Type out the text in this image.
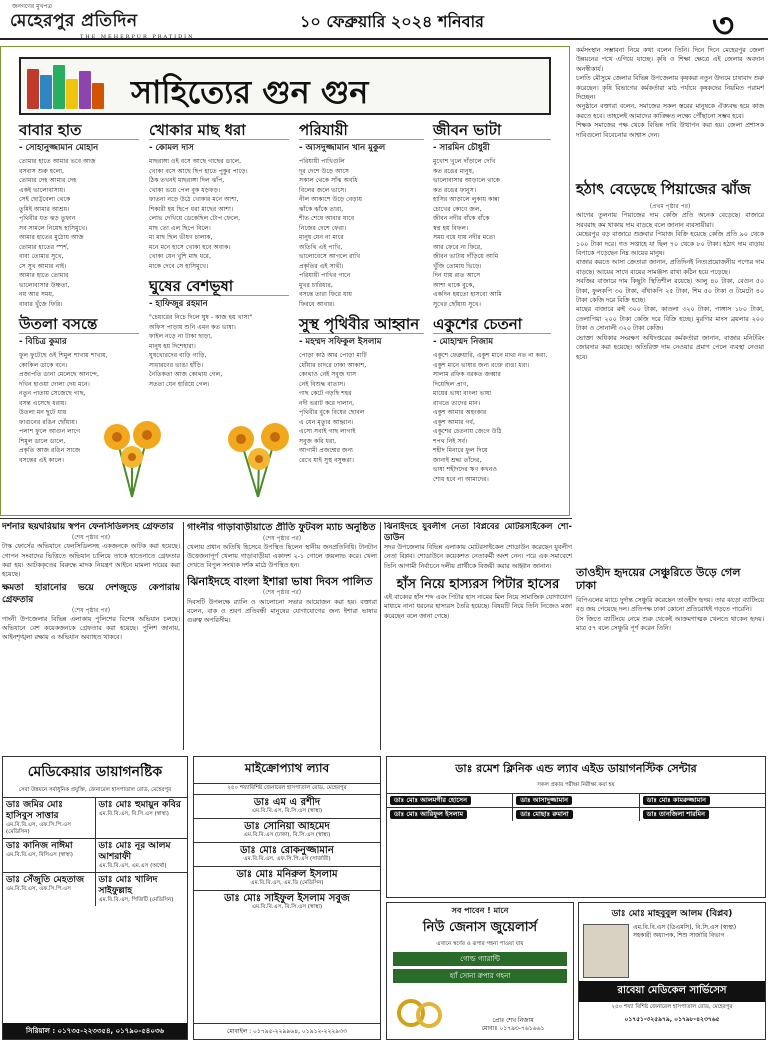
জনগণের মুখপত্র
মেহেরপুর প্রতিদিন
THE MEHERPUR PRATIDIN
১০ ফেব্রুয়ারি ২০২৪ শনিবার	৩
সাহিত্যের গুন গুন
বাবার হাত
- সোহানুজ্জামান মোহান
তোমার হাতে আমার ভবে আজ
বসবাস শুরু হলো,
তোমার দেহ আমার দেহ
একই ভালোবাসায়।
সেই ছোট্টবেলা থেকে
তুমিই আমার আশ্রয়।
পৃথিবীর যত ঝড় তুফান
সব সামলে নিয়েছ হাসিমুখে।
আমার হাতের মুঠোয় আজ
তোমার হাতের স্পর্শ,
বাবা তোমার সুখে,
সে সুখ আমার নাই।
আমার হাতে তোমার
ভালোবাসার উষ্ণতা,
নয় আর সময়,
বাবার খুঁজে ফিরি।
উতলা বসন্তে
- বিচিত্র কুমার
ফুল ফুটেছে ওই শিমুল শাখায় শাখায়,
কোকিল ডাকে বনে।
প্রজাপতি ডানা মেলেছে আনন্দে,
দখিন হাওয়া দোলা দেয় মনে।
নতুন পাতায় সেজেছে গাছ,
বসন্ত এসেছে ধরায়।
উতলা মন ছুটে যায়
ফাগুনের রঙিন ছোঁয়ায়।
পলাশ ফুলে আগুন লাগে
শিমুল ডালে ডালে,
প্রকৃতি আজ রঙিন সাজে
বসন্তের এই কালে।
খোকার মাছ ধরা
- কোমল দাস
মাছরাঙ্গা ওই বসে আছে গাছের ডালে,
খোকা বসে আছে ছিপ হাতে পুকুর পাড়ে।
ঠিক তখনই মাছরাঙ্গা দিল ঝাঁপ,
খোকা ভয়ে পেল বুক ধড়ফড়।
ফাতনা নড়ে উঠে খোকার মনে আশা,
শিকারী হয় ছিপে ধরা মাছের আশা।
লোভ দেখিয়ে ডেকেছিল টোপ ফেলে,
মাছ তো এল ছিপে বিলে।
মা মাছ ছিল ভীষণ চালাক,
মনে মনে হাসে খোকা হবে অবাক।
খোকা যেন খুশি মাছ ধরে,
মাকে দেবে সে হাসিমুখে।
ঘুষের বেশভূষা
- হাফিজুর রহমান
"চেয়ারের নিচে দিলে ঘুষ - কাজ হয় খাসা"
অফিস পাড়ায় শুনি এমন কত ভাষা।
ফাইল নড়ে না টাকা ছাড়া,
মানুষ হয় দিশেহারা।
ঘুষখোরদের বাড়ি গাড়ি,
সাধারণের ভাঙা হাঁড়ি।
নৈতিকতা আজ কোথায় গেল,
সততা যেন হারিয়ে গেল।
পরিযায়ী
- আসদুজ্জামান খান মুকুল
পরিযায়ী পাখিগুলি
দূর দেশে উড়ে আসে
সকাল থেকে সাঁঝ অবধি
বিলের জলে ভাসে।
নীল আকাশে উড়ে বেড়ায়
ঝাঁকে ঝাঁকে তারা,
শীত শেষে আবার যাবে
নিজের দেশে ফেরা।
মানুষ যেন না মারে
অতিথি এই পাখি,
ভালোবেসে আগলে রাখি
প্রকৃতির এই সাথী।
পরিযায়ী পাখির গানে
মুখর চারিধার,
বসন্তে তারা ফিরে যায়
ফিরবে আবার।
সুস্থ পৃথিবীর আহ্বান
- মহম্মদ সফিকুল ইসলাম
পোড়া কাঠ আর পোড়া মাটি
ধোঁয়ার চাদরে ঢাকা আকাশ,
কোথাও নেই সবুজ ঘাস
নেই বিশুদ্ধ বাতাস।
গাছ কেটে গড়ছি শহর
নদী ভরাট করে দালান,
পৃথিবীর বুকে বিষের ছোবল
এ যেন মৃত্যুর আহ্বান।
এসো সবাই গাছ লাগাই
সবুজ করি ধরা,
আগামী প্রজন্মের জন্য
রেখে যাই সুস্থ বসুন্ধরা।
জীবন ভাটা
- সারমিন চৌধুরী
মুখোশ খুলে দাঁড়ালে দেখি
কত রঙের মানুষ,
ভালোবাসার আড়ালে থাকে
কত রঙের ফানুস।
হাসির আড়ালে লুকায় কান্না
চোখের কোণে জল,
জীবন নদীর বাঁকে বাঁকে
স্বপ্ন হয় বিফল।
সময় বয়ে যায় নদীর মতো
আর ফেরে না ফিরে,
জীবন ভাটায় দাঁড়িয়ে আমি
খুঁজি তোমায় ভিড়ে।
দিন যায় রাত আসে
আশা থাকে বুকে,
একদিন হয়তো হাসবো আমি
সুখের ছোঁয়ায় সুখে।
একুশের চেতনা
- মোহাম্মদ নিজাম
একুশে ফেব্রুয়ারি, একুশ মানে মাথা নত না করা,
একুশ মানে ভাষার জন্য রক্তে রাঙা ধরা।
সালাম রফিক বরকত জব্বার
দিয়েছিল প্রাণ,
মায়ের ভাষা বাংলা ভাষা
রাখতে তাদের মান।
একুশ আমার অহংকার
একুশ আমার গর্ব,
একুশের চেতনায় জেগে উঠি
শপথ নিই সর্ব।
শহীদ মিনারে ফুল দিয়ে
জানাই শ্রদ্ধা তাঁদের,
ভাষা শহীদদের ঋণ কখনও
শোধ হবে না আমাদের।

কর্মসংস্থান সম্ভাবনা নিয়ে কথা বলেন তিনি। দিনে দিনে মেহেরপুর জেলা উন্নয়নের পথে এগিয়ে যাচ্ছে। কৃষি ও শিক্ষা ক্ষেত্রে এই জেলার অবদান অনস্বীকার্য।

চলতি মৌসুমে জেলার বিভিন্ন উপজেলায় কৃষকরা নতুন উদ্যমে চাষাবাদ শুরু করেছেন। কৃষি বিভাগের কর্মকর্তারা মাঠ পর্যায়ে কৃষকদের নিয়মিত পরামর্শ দিচ্ছেন।

অনুষ্ঠানে বক্তারা বলেন, সমাজের সকল স্তরের মানুষকে ঐক্যবদ্ধ হয়ে কাজ করতে হবে। তাহলেই আমাদের কাঙ্ক্ষিত লক্ষ্যে পৌঁছানো সম্ভব হবে।

শিক্ষক সমাজের পক্ষ থেকে বিভিন্ন দাবি উত্থাপন করা হয়। জেলা প্রশাসক দাবিগুলো বিবেচনার আশ্বাস দেন।

হঠাৎ বেড়েছে পিয়াজের ঝাঁজ
(প্রথম পৃষ্ঠার পর)

আগের তুলনায় পিয়াজের দাম কেজি প্রতি অনেক বেড়েছে। বাজারে সরবরাহ কম থাকায় দাম বাড়ছে বলে জানান ব্যবসায়ীরা।

মেহেরপুর বড় বাজারে শুক্রবার পিয়াজ বিক্রি হয়েছে কেজি প্রতি ৯০ থেকে ১০০ টাকা দরে। গত সপ্তাহে যা ছিল ৭০ থেকে ৮০ টাকা। হঠাৎ দাম বাড়ায় বিপাকে পড়েছেন নিম্ন আয়ের মানুষ।

বাজার করতে আসা ক্রেতারা জানান, প্রতিদিনই নিত্যপ্রয়োজনীয় পণ্যের দাম বাড়ছে। আয়ের সাথে ব্যয়ের সামঞ্জস্য রাখা কঠিন হয়ে পড়েছে।

সবজির বাজারে দাম কিছুটা স্থিতিশীল রয়েছে। আলু ৪০ টাকা, বেগুন ৫০ টাকা, ফুলকপি ৩০ টাকা, বাঁধাকপি ২৫ টাকা, শিম ৫০ টাকা ও টমেটো ৪০ টাকা কেজি দরে বিক্রি হচ্ছে।

মাছের বাজারে রুই ৩০০ টাকা, কাতলা ৩২০ টাকা, পাঙ্গাস ১৮০ টাকা, তেলাপিয়া ২০০ টাকা কেজি দরে বিক্রি হচ্ছে। মুরগির মাংস ব্রয়লার ২০০ টাকা ও সোনালী ৩২০ টাকা কেজি।

ভোক্তা অধিকার সংরক্ষণ অধিদপ্তরের কর্মকর্তারা জানান, বাজার মনিটরিং জোরদার করা হয়েছে। অতিরিক্ত দাম নেওয়ার প্রমাণ পেলে ব্যবস্থা নেওয়া হবে।

তাওহীদ হৃদয়ের সেঞ্চুরিতে উড়ে গেল ঢাকা

বিপিএলের ম্যাচে দুর্দান্ত সেঞ্চুরি করেছেন তাওহীদ হৃদয়। তার ঝড়ো ব্যাটিংয়ে বড় জয় পেয়েছে দল। প্রতিপক্ষ ঢাকা কোনো প্রতিরোধই গড়তে পারেনি।

টস জিতে ব্যাটিংয়ে নেমে শুরু থেকেই আক্রমণাত্মক খেলতে থাকেন হৃদয়। মাত্র ৫৭ বলে সেঞ্চুরি পূর্ণ করেন তিনি।

দর্শনার ছয়ঘরিয়ায় স্বপন ফেনসিডিলসহ গ্রেফতার
(শেষ পৃষ্ঠার পর)

টাস্ক ফোর্সের অভিযানে ফেনসিডিলসহ একজনকে আটক করা হয়েছে। গোপন সংবাদের ভিত্তিতে অভিযান চালিয়ে তাকে হাতেনাতে গ্রেফতার করা হয়। আটককৃতের বিরুদ্ধে মাদক নিয়ন্ত্রণ আইনে মামলা দায়ের করা হয়েছে।

ক্ষমতা হারানোর ভয়ে দেশজুড়ে কেপারায় গ্রেফতার
(শেষ পৃষ্ঠার পর)

গাংনী উপজেলার বিভিন্ন এলাকায় পুলিশের বিশেষ অভিযান চলছে। অভিযানে বেশ কয়েকজনকে গ্রেফতার করা হয়েছে। পুলিশ জানায়, আইনশৃঙ্খলা রক্ষায় এ অভিযান অব্যাহত থাকবে।

গাংনীর গাড়াবাড়ীয়াতে প্রীতি ফুটবল ম্যাচ অনুষ্ঠিত
(শেষ পৃষ্ঠার পর)

খেলায় প্রধান অতিথি হিসেবে উপস্থিত ছিলেন স্থানীয় জনপ্রতিনিধি। টানটান উত্তেজনাপূর্ণ খেলায় গাড়াবাড়ীয়া একাদশ ২-১ গোলে জয়লাভ করে। খেলা দেখতে বিপুল সংখ্যক দর্শক মাঠে উপস্থিত হন।

ঝিনাইদহে বাংলা ইশারা ভাষা দিবস পালিত
(শেষ পৃষ্ঠার পর)

দিবসটি উপলক্ষে র‍্যালি ও আলোচনা সভার আয়োজন করা হয়। বক্তারা বলেন, বাক ও শ্রবণ প্রতিবন্ধী মানুষের যোগাযোগের জন্য ইশারা ভাষার গুরুত্ব অপরিসীম।

ঝিনাইদহে যুবলীগ নেতা বিপ্লবের মোটরসাইকেল শো-ডাউন

সদর উপজেলার বিভিন্ন এলাকায় মোটরসাইকেল শোডাউন করেছেন যুবলীগ নেতা বিপ্লব। শোডাউনে কয়েকশত নেতাকর্মী অংশ নেন। পরে এক সমাবেশে তিনি আগামী নির্বাচনে দলীয় প্রার্থীকে বিজয়ী করার আহ্বান জানান।

হাঁস নিয়ে হাস্যরস পিটার হাসের

এই বাক্যের হাঁস শব্দ এবং পিটার হাস নামের মিল নিয়ে সামাজিক যোগাযোগ মাধ্যমে নানা ধরনের হাস্যরস তৈরি হয়েছে। বিষয়টি নিয়ে তিনি নিজেও মজা করেছেন বলে জানা গেছে।

মেডিকেয়ার ডায়াগনষ্টিক
সেবা উন্নয়নে সর্বাধুনিক প্রযুক্তি, জেনারেল হাসপাতাল রোড, মেহেরপুর
ডাঃ জমির মোঃ হাসিবুস সাত্তার
এম.বি.বি.এস, এফ.সি.পি.এস (মেডিসিন)
ডাঃ মোঃ হুমায়ুন কবির
এম.বি.বি.এস, বি.সি.এস (স্বাস্থ্য)
ডাঃ কানিজ নাঈমা
এম.বি.বি.এস, বিসিএস (স্বাস্থ্য)
ডাঃ মোঃ নূর আলম আশরাফী
এম.বি.বি.এস, এম.এস (অর্থো)
ডাঃ সেঁজুতি মেহতাজ
এম.বি.বি.এস, এফ.সি.পি.এস
ডাঃ মোঃ খালিদ সাইফুল্লাহ
এম.বি.বি.এস, পিজিটি (মেডিসিন)
সিরিয়াল : ০১৭৩৫-২২৩৩৫৪, ০১৭৯০-৫৪০৩৬
মাইক্রোপ্যাথ ল্যাব
২৫০ শয্যাবিশিষ্ট জেনারেল হাসপাতাল রোড, মেহেরপুর
ডাঃ এম এ রশীদ
এম.বি.বি.এস, বি.সি.এস (স্বাস্থ্য)
ডাঃ সোনিয়া আহমেদ
এম.বি.বি.এস (ঢাকা), বি.সি.এস (স্বাস্থ্য)
ডাঃ মোঃ রোকনুজ্জামান
এম.বি.বি.এস, এফ.সি.পি.এস (সার্জারী)
ডাঃ মোঃ মনিরুল ইসলাম
এম.বি.বি.এস, এম.ডি (মেডিসিন)
ডাঃ মোঃ সাইফুল ইসলাম সবুজ
এম.বি.বি.এস, বি.সি.এস (স্বাস্থ্য)
মোবাইল : ০১৭৯৫-২২৯৯৬৪, ০১৯১২-২২২৯৩৩
ডাঃ রমেশ ক্লিনিক এন্ড ল্যাব এইড ডায়াগনস্টিক সেন্টার
সকল প্রকার পরীক্ষা নিরীক্ষা করা হয়
ডাঃ মোঃ আলমগীর হোসেন	ডাঃ আসাদুজ্জামান	ডাঃ মোঃ কামরুজ্জামান
ডাঃ মোঃ আরিফুল ইসলাম	ডাঃ মোছাঃ রুমানা	ডাঃ তানজিলা শারমিন
সব পাবেন ! মানে
নিউ জেনাস জুয়েলার্স
এখানে স্বর্ণের ও রূপার গহনা পাওয়া যায়
গোল্ড গ্যারান্টি
হ্যাঁ সোনা রুপার গহনা
প্রোঃ শেখ নিজাম
মোবাঃ ০১৭৯৩-৭৬১৬৬১
ডাঃ মোঃ মাহবুবুল আলম (বিপ্লব)
এম.বি.বি.এস (ডিএমসি), বি.সি.এস (স্বাস্থ্য)
সহকারী অধ্যাপক, শিশু সার্জারি বিভাগ
রাবেয়া মেডিকেল সার্ভিসেস
২৫০ শয্যা বিশিষ্ট জেনারেল হাসপাতাল রোড, মেহেরপুর
০১৭৫১-৩২৫৯৭৯, ০১৭৯৮-৪২৩৭৬৫
